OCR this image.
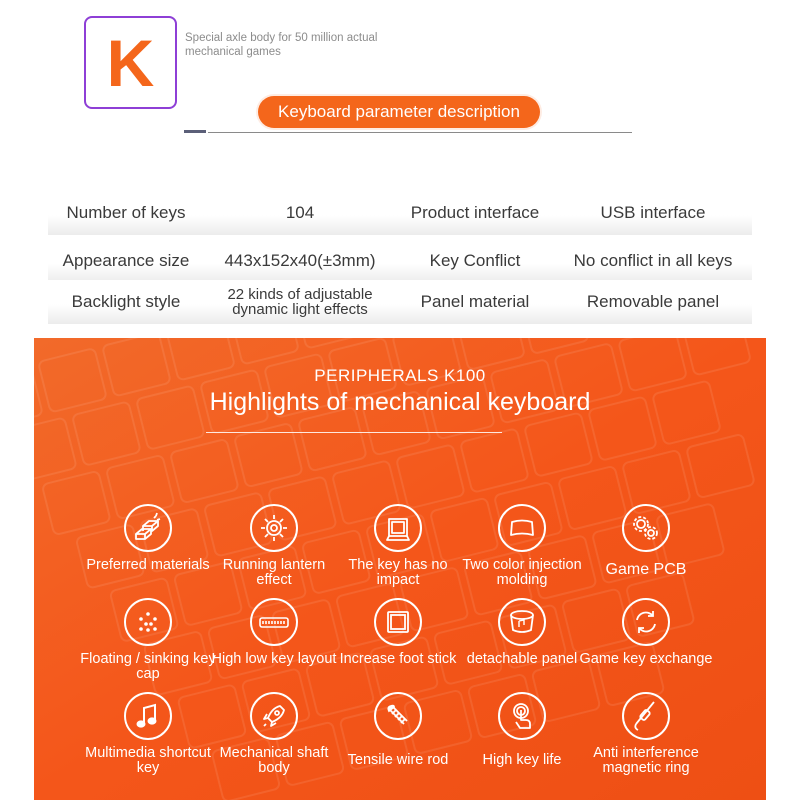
K	Special axle body for 50 million actual mechanical games
Keyboard parameter description
Number of keys	104	Product interface	USB interface
Appearance size	443x152x40(±3mm)	Key Conflict	No conflict in all keys
Backlight style	22 kinds of adjustable dynamic light effects	Panel material	Removable panel
PERIPHERALS K100
Highlights of mechanical keyboard
Preferred materials Running lantern effect
The key has no impact
Two color injection molding
Game PCB
Floating / sinking key cap
High low key layout Increase foot stick detachable panel Game key exchange
Multimedia shortcut key
Mechanical shaft body	Tensile wire rod	High key life	Anti interference magnetic ring
